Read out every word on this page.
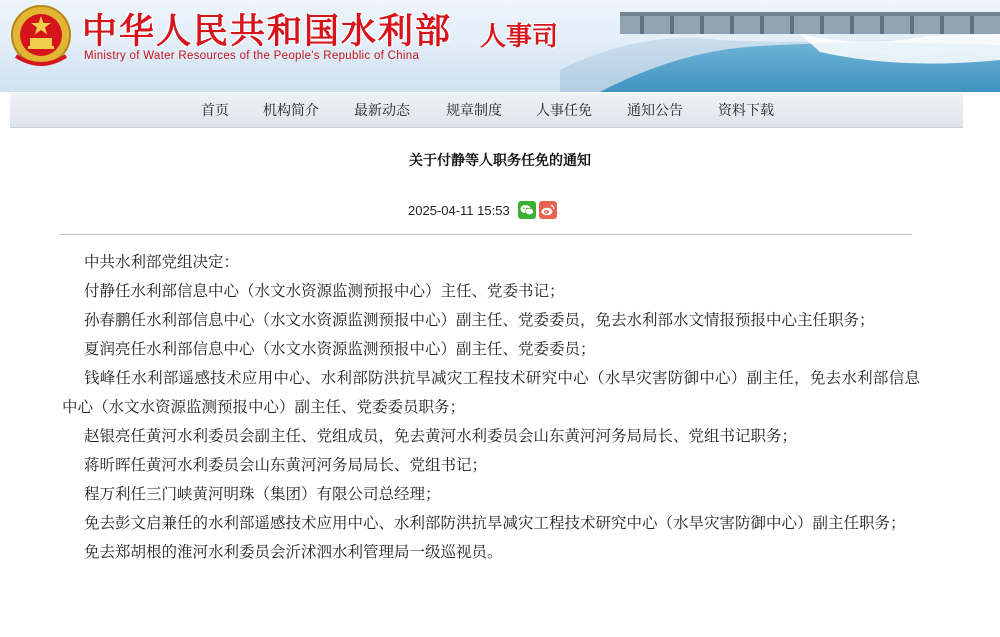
中华人民共和国水利部
Ministry of Water Resources of the People's Republic of China
人事司
首页 机构简介	最新动态	规章制度 人事任免	通知公告	资料下载
关于付静等人职务任免的通知
2025-04-11 15:53

中共水利部党组决定：

付静任水利部信息中心（水文水资源监测预报中心）主任、党委书记；

孙春鹏任水利部信息中心（水文水资源监测预报中心）副主任、党委委员，免去水利部水文情报预报中心主任职务；

夏润亮任水利部信息中心（水文水资源监测预报中心）副主任、党委委员；

钱峰任水利部遥感技术应用中心、水利部防洪抗旱减灾工程技术研究中心（水旱灾害防御中心）副主任，免去水利部信息中心（水文水资源监测预报中心）副主任、党委委员职务；

赵银亮任黄河水利委员会副主任、党组成员，免去黄河水利委员会山东黄河河务局局长、党组书记职务；

蒋昕晖任黄河水利委员会山东黄河河务局局长、党组书记；

程万利任三门峡黄河明珠（集团）有限公司总经理；

免去彭文启兼任的水利部遥感技术应用中心、水利部防洪抗旱减灾工程技术研究中心（水旱灾害防御中心）副主任职务；

免去郑胡根的淮河水利委员会沂沭泗水利管理局一级巡视员。
